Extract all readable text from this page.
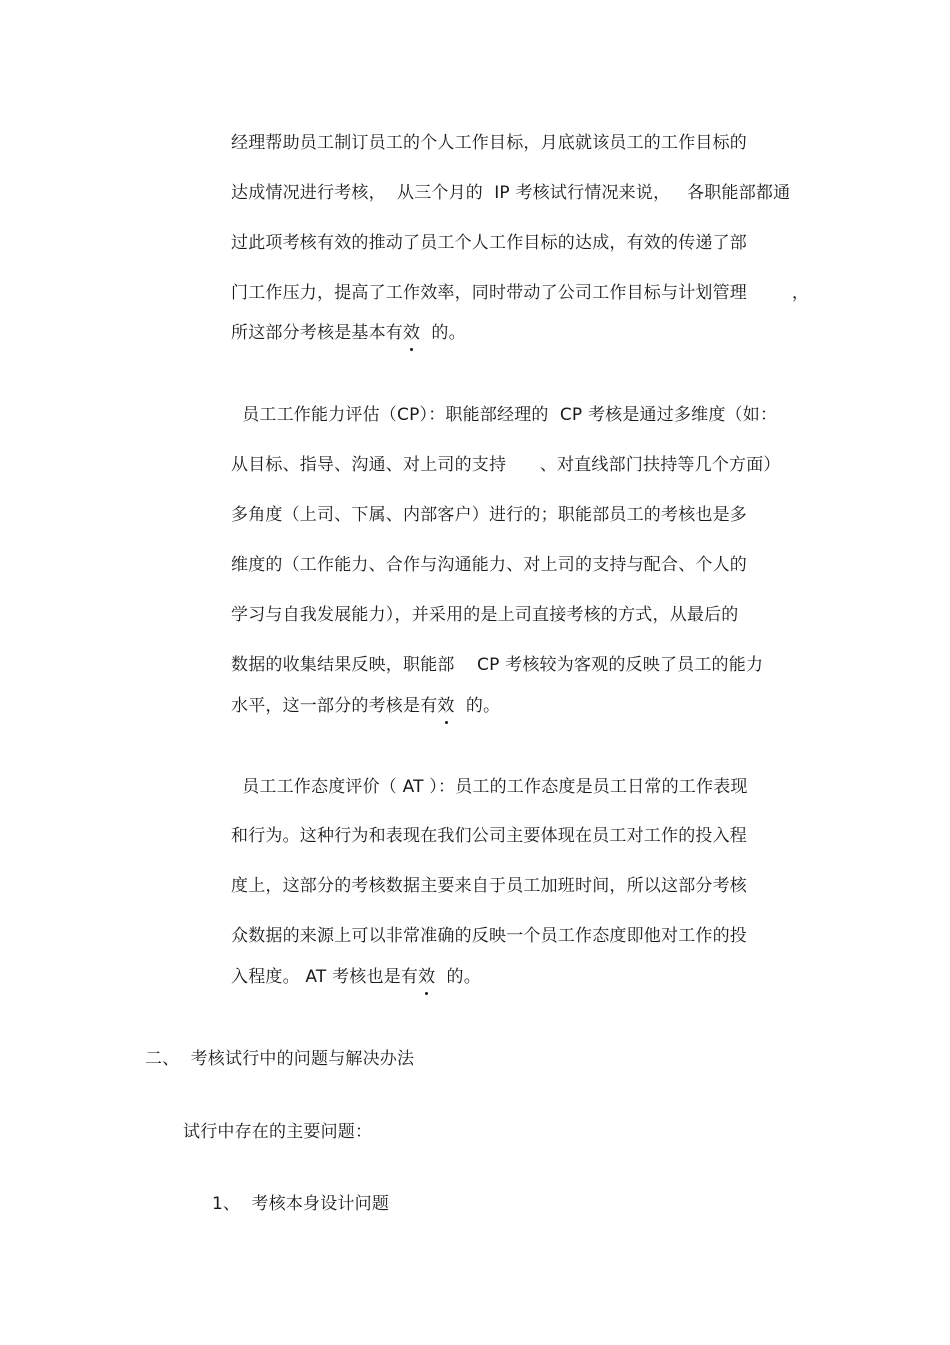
经理帮助员工制订员工的个人工作目标，月底就该员工的工作目标的
达成情况进行考核，  从三个月的  IP 考核试行情况来说，   各职能部都通
过此项考核有效的推动了员工个人工作目标的达成，有效的传递了部
门工作压力，提高了工作效率，同时带动了公司工作目标与计划管理        ，
所这部分考核是基本有效  的。
员工工作能力评估（CP）：职能部经理的  CP 考核是通过多维度（如：
从目标、指导、沟通、对上司的支持      、对直线部门扶持等几个方面）
多角度（上司、下属、内部客户）进行的；职能部员工的考核也是多
维度的（工作能力、合作与沟通能力、对上司的支持与配合、个人的
学习与自我发展能力），并采用的是上司直接考核的方式，从最后的
数据的收集结果反映，职能部    CP 考核较为客观的反映了员工的能力
水平，这一部分的考核是有效  的。
员工工作态度评价（ AT ）：员工的工作态度是员工日常的工作表现
和行为。这种行为和表现在我们公司主要体现在员工对工作的投入程
度上，这部分的考核数据主要来自于员工加班时间，所以这部分考核
众数据的来源上可以非常准确的反映一个员工作态度即他对工作的投
入程度。 AT 考核也是有效  的。
二、  考核试行中的问题与解决办法
试行中存在的主要问题：
1、  考核本身设计问题
